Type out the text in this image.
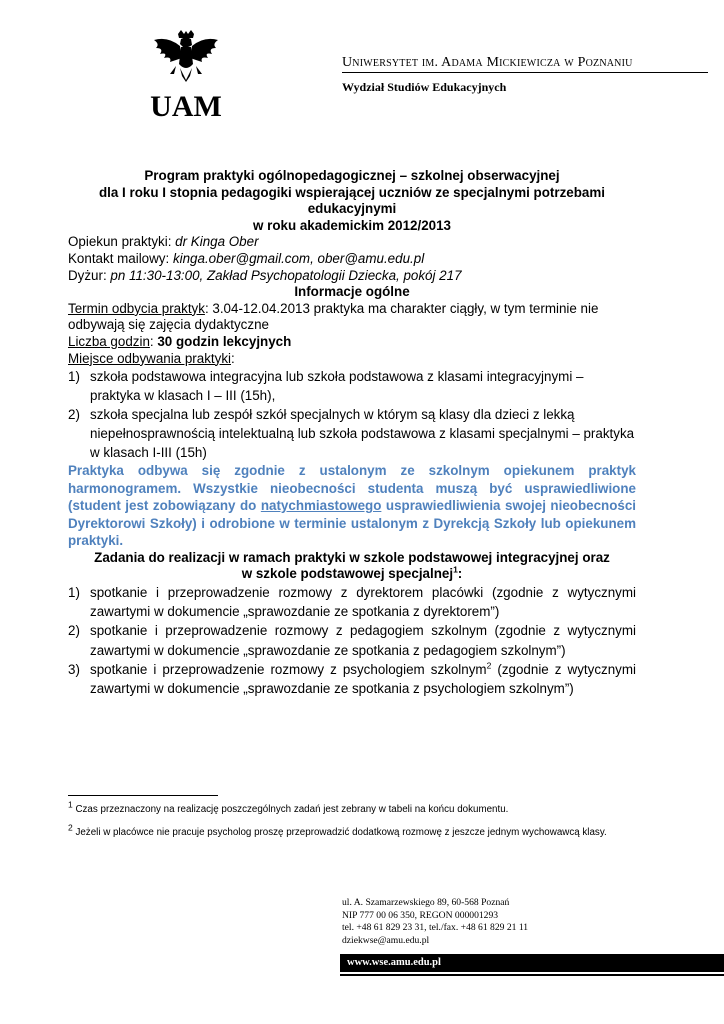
UAM
Uniwersytet im. Adama Mickiewicza w Poznaniu
Wydział Studiów Edukacyjnych

Program praktyki ogólnopedagogicznej – szkolnej obserwacyjnej

dla I roku I stopnia pedagogiki wspierającej uczniów ze specjalnymi potrzebami

edukacyjnymi

w roku akademickim 2012/2013

Opiekun praktyki: dr Kinga Ober

Kontakt mailowy: kinga.ober@gmail.com, ober@amu.edu.pl

Dyżur: pn 11:30-13:00, Zakład Psychopatologii Dziecka, pokój 217

Informacje ogólne

Termin odbycia praktyk: 3.04-12.04.2013 praktyka ma charakter ciągły, w tym terminie nie odbywają się zajęcia dydaktyczne

Liczba godzin: 30 godzin lekcyjnych

Miejsce odbywania praktyki:

1) szkoła podstawowa integracyjna lub szkoła podstawowa z klasami integracyjnymi – praktyka w klasach I – III (15h),
2) szkoła specjalna lub zespół szkół specjalnych w którym są klasy dla dzieci z lekką niepełnosprawnością intelektualną lub szkoła podstawowa z klasami specjalnymi – praktyka w klasach I-III (15h)

Praktyka odbywa się zgodnie z ustalonym ze szkolnym opiekunem praktyk harmonogramem. Wszystkie nieobecności studenta muszą być usprawiedliwione (student jest zobowiązany do natychmiastowego usprawiedliwienia swojej nieobecności Dyrektorowi Szkoły) i odrobione w terminie ustalonym z Dyrekcją Szkoły lub opiekunem praktyki.

Zadania do realizacji w ramach praktyki w szkole podstawowej integracyjnej oraz

w szkole podstawowej specjalnej$^1$:

1) spotkanie i przeprowadzenie rozmowy z dyrektorem placówki (zgodnie z wytycznymi zawartymi w dokumencie „sprawozdanie ze spotkania z dyrektorem”)
2) spotkanie i przeprowadzenie rozmowy z pedagogiem szkolnym (zgodnie z wytycznymi zawartymi w dokumencie „sprawozdanie ze spotkania z pedagogiem szkolnym”)
3) spotkanie i przeprowadzenie rozmowy z psychologiem szkolnym$^2$ (zgodnie z wytycznymi zawartymi w dokumencie „sprawozdanie ze spotkania z psychologiem szkolnym”)

$^1$ Czas przeznaczony na realizację poszczególnych zadań jest zebrany w tabeli na końcu dokumentu.

$^2$ Jeżeli w placówce nie pracuje psycholog proszę przeprowadzić dodatkową rozmowę z jeszcze jednym wychowawcą klasy.

ul. A. Szamarzewskiego 89, 60-568 Poznań
NIP 777 00 06 350, REGON 000001293
tel. +48 61 829 23 31, tel./fax. +48 61 829 21 11
dziekwse@amu.edu.pl
www.wse.amu.edu.pl
